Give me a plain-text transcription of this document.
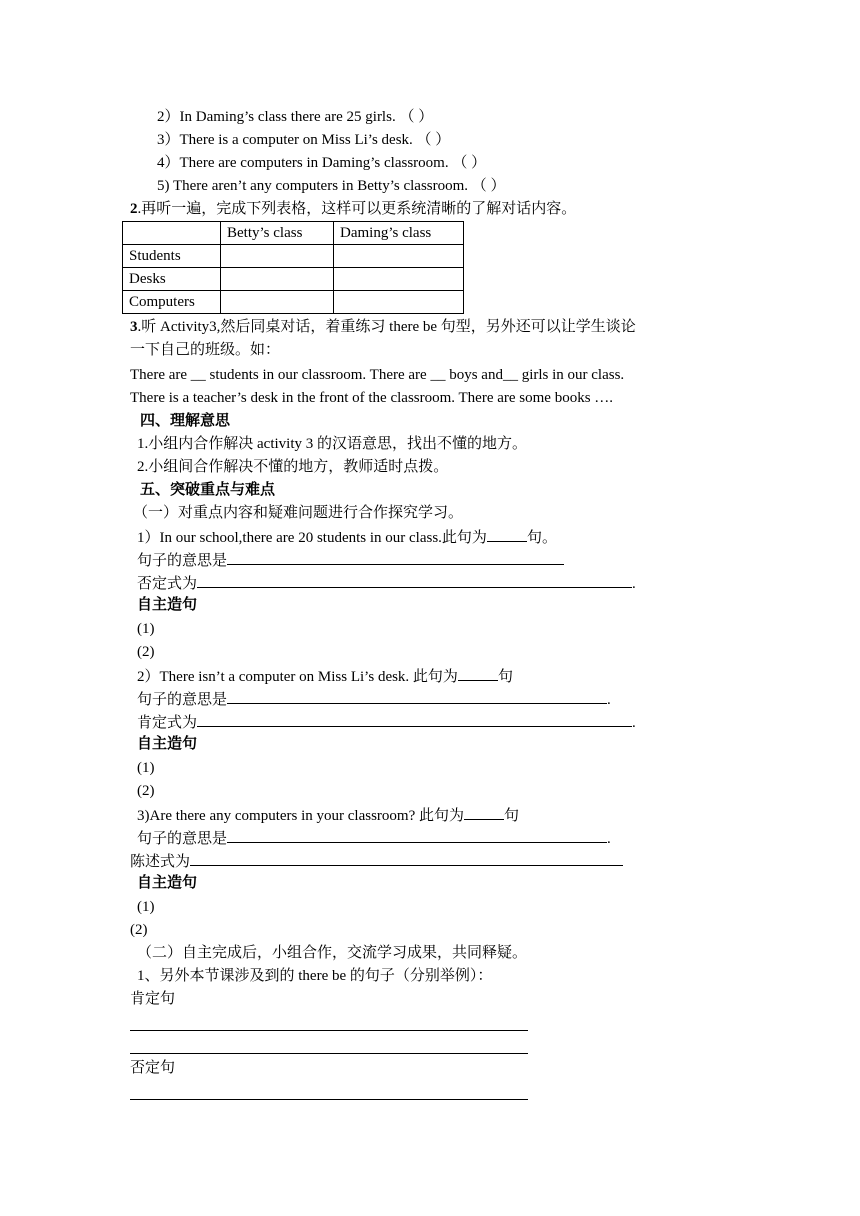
2）In Daming’s class there are 25 girls. （ ）
3）There is a computer on Miss Li’s desk. （ ）
4）There are computers in Daming’s classroom. （ ）
5) There aren’t any computers in Betty’s classroom. （ ）
2.再听一遍，完成下列表格，这样可以更系统清晰的了解对话内容。
	Betty’s class	Daming’s class
Students		
Desks		
Computers		
3.听 Activity3,然后同桌对话，着重练习 there be 句型，另外还可以让学生谈论
一下自己的班级。如：
There are __ students in our classroom. There are __ boys and__ girls in our class.
There is a teacher’s desk in the front of the classroom. There are some books ….
四、理解意思
1.小组内合作解决 activity 3 的汉语意思，找出不懂的地方。
2.小组间合作解决不懂的地方，教师适时点拨。
五、突破重点与难点
（一）对重点内容和疑难问题进行合作探究学习。
1）In our school,there are 20 students in our class.此句为	句。
句子的意思是
否定式为	.
自主造句
(1)
(2)
2）There isn’t a computer on Miss Li’s desk. 此句为	句
句子的意思是	.
肯定式为	.
自主造句
(1)
(2)
3)Are there any computers in your classroom? 此句为	句
句子的意思是	.
陈述式为
自主造句
(1)
(2)
（二）自主完成后，小组合作，交流学习成果，共同释疑。
1、另外本节课涉及到的 there be 的句子（分别举例）：
肯定句
否定句
